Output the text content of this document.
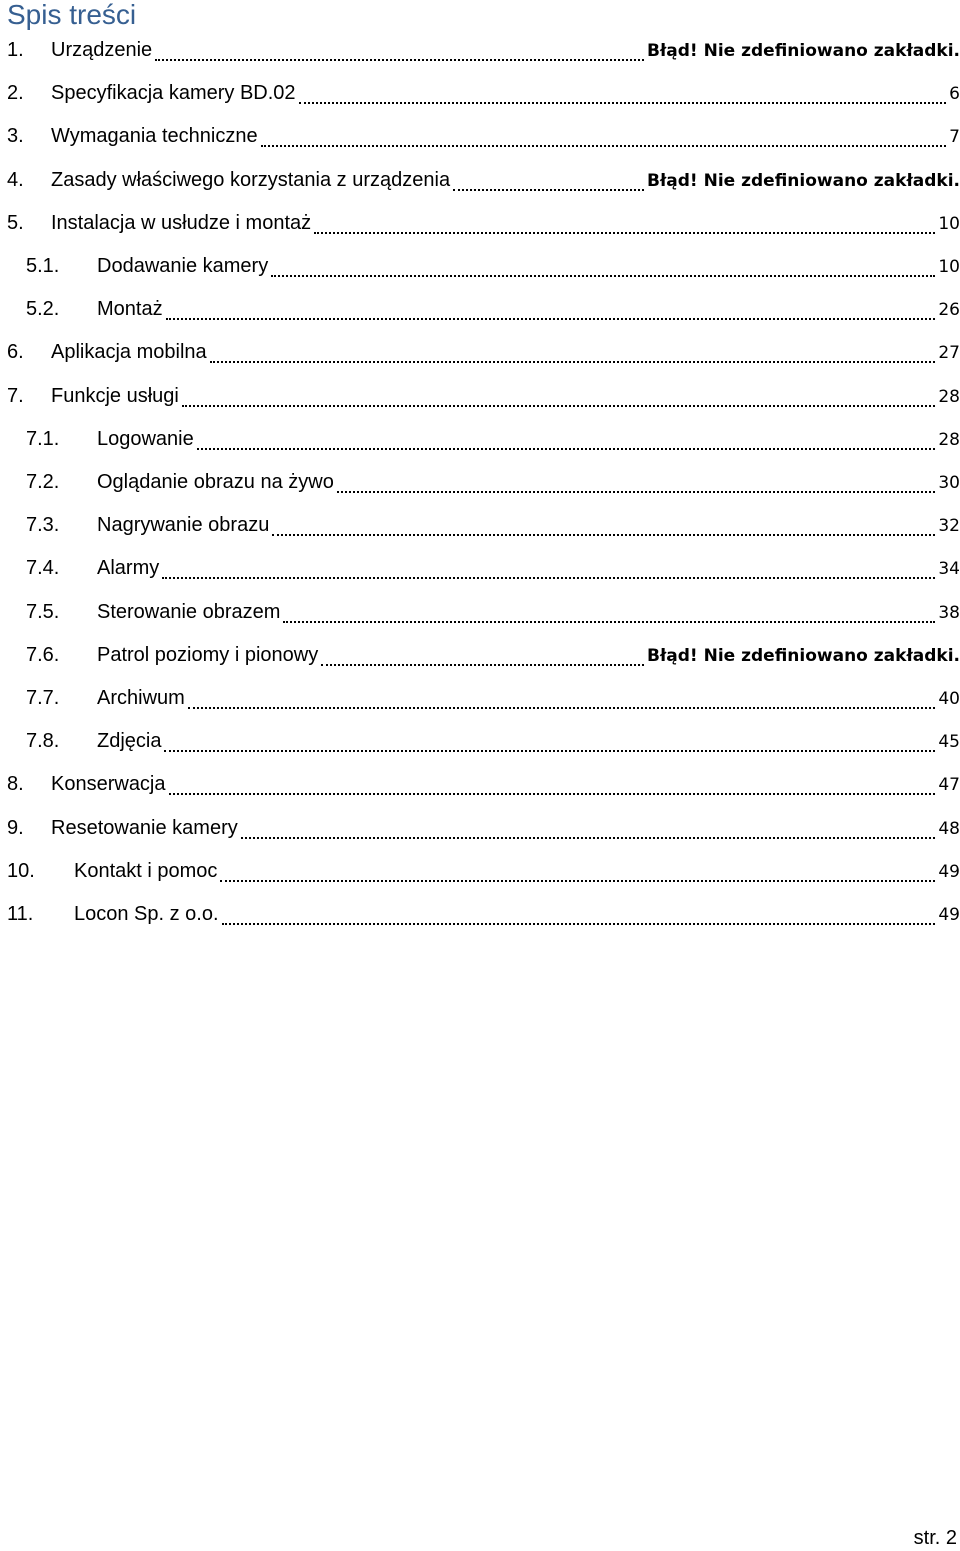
Spis treści
1. Urządzenie	Błąd! Nie zdefiniowano zakładki.
2. Specyfikacja kamery BD.02	6
3. Wymagania techniczne	7
4. Zasady właściwego korzystania z urządzenia	Błąd! Nie zdefiniowano zakładki.
5. Instalacja w usłudze i montaż	10
5.1. Dodawanie kamery	10
5.2. Montaż	26
6. Aplikacja mobilna	27
7. Funkcje usługi	28
7.1. Logowanie	28
7.2. Oglądanie obrazu na żywo	30
7.3. Nagrywanie obrazu	32
7.4. Alarmy	34
7.5. Sterowanie obrazem	38
7.6. Patrol poziomy i pionowy	Błąd! Nie zdefiniowano zakładki.
7.7. Archiwum	40
7.8. Zdjęcia	45
8. Konserwacja	47
9. Resetowanie kamery	48
10. Kontakt i pomoc	49
11. Locon Sp. z o.o.	49
str. 2
